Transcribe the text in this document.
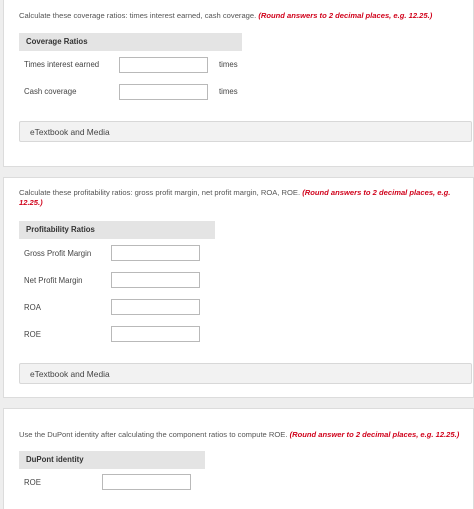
Calculate these coverage ratios: times interest earned, cash coverage. (Round answers to 2 decimal places, e.g. 12.25.)
Coverage Ratios
Times interest earned	times
Cash coverage	times
eTextbook and Media
Calculate these profitability ratios: gross profit margin, net profit margin, ROA, ROE. (Round answers to 2 decimal places, e.g. 12.25.)
Profitability Ratios
Gross Profit Margin
Net Profit Margin
ROA
ROE
eTextbook and Media
Use the DuPont identity after calculating the component ratios to compute ROE. (Round answer to 2 decimal places, e.g. 12.25.)
DuPont identity
ROE
